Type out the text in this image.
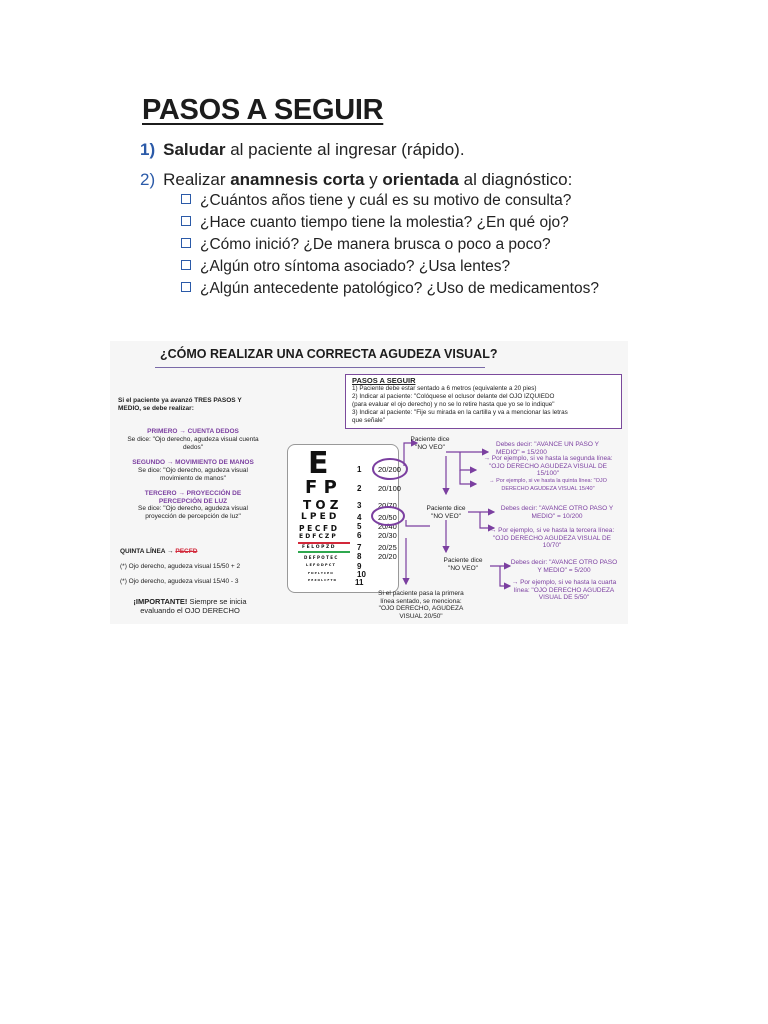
PASOS A SEGUIR
1) Saludar al paciente al ingresar (rápido).
2) Realizar anamnesis corta y orientada al diagnóstico:
¿Cuántos años tiene y cuál es su motivo de consulta?
¿Hace cuanto tiempo tiene la molestia? ¿En qué ojo?
¿Cómo inició? ¿De manera brusca o poco a poco?
¿Algún otro síntoma asociado? ¿Usa lentes?
¿Algún antecedente patológico? ¿Uso de medicamentos?
¿CÓMO REALIZAR UNA CORRECTA AGUDEZA VISUAL?
PASOS A SEGUIR
1) Paciente debe estar sentado a 6 metros (equivalente a 20 pies)
2) Indicar al paciente: "Colóquese el oclusor delante del OJO IZQUIEDO
(para evaluar el ojo derecho) y no se lo retire hasta que yo se lo indique"
3) Indicar al paciente: "Fije su mirada en la cartilla y va a mencionar las letras
que señale"
Si el paciente ya avanzó TRES PASOS Y MEDIO, se debe realizar:
PRIMERO → CUENTA DEDOS
Se dice: "Ojo derecho, agudeza visual cuenta dedos"
SEGUNDO → MOVIMIENTO DE MANOS
Se dice: "Ojo derecho, agudeza visual movimiento de manos"
TERCERO → PROYECCIÓN DE PERCEPCIÓN DE LUZ
Se dice: "Ojo derecho, agudeza visual proyección de percepción de luz"
QUINTA LÍNEA → PECFD
(*) Ojo derecho, agudeza visual 15/50 + 2
(*) Ojo derecho, agudeza visual 15/40 - 3
¡IMPORTANTE! Siempre se inicia evaluando el OJO DERECHO
E
F P
T O Z
L P E D
P E C F D
E D F C Z P
F E L O P Z D
D E F P O T E C
L E F O D P C T
F D P L T C E O
P E Z O L C F T D
1
2
3
4
5
6
7
8
9
10
11
20/200
20/100
20/70
20/50
20/40
20/30
20/25
20/20
Paciente dice "NO VEO"
Paciente dice "NO VEO"
Paciente dice "NO VEO"
Debes decir: "AVANCE UN PASO Y MEDIO" = 15/200
→ Por ejemplo, si ve hasta la segunda línea: "OJO DERECHO AGUDEZA VISUAL DE 15/100"
→ Por ejemplo, si ve hasta la quinta línea: "OJO DERECHO AGUDEZA VISUAL 15/40"
Debes decir: "AVANCE OTRO PASO Y MEDIO" = 10/200
→ Por ejemplo, si ve hasta la tercera línea: "OJO DERECHO AGUDEZA VISUAL DE 10/70"
Debes decir: "AVANCE OTRO PASO Y MEDIO" = 5/200
→ Por ejemplo, si ve hasta la cuarta línea: "OJO DERECHO AGUDEZA VISUAL DE 5/50"
Si el paciente pasa la primera línea sentado, se menciona: "OJO DERECHO, AGUDEZA VISUAL 20/50"
